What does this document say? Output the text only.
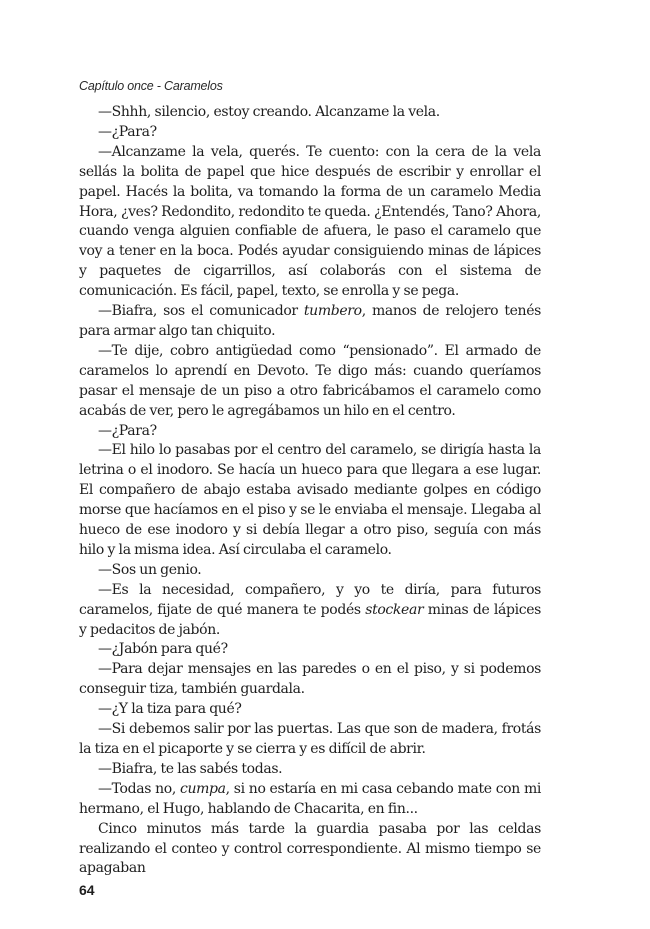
Capítulo once - Caramelos

—Shhh, silencio, estoy creando. Alcanzame la vela.

—¿Para?

—Alcanzame la vela, querés. Te cuento: con la cera de la vela sellás la bolita de papel que hice después de escribir y enrollar el papel. Hacés la bolita, va tomando la forma de un caramelo Media Hora, ¿ves? Redondito, redondito te queda. ¿Entendés, Tano? Ahora, cuando venga alguien confiable de afuera, le paso el caramelo que voy a tener en la boca. Podés ayudar consiguiendo minas de lápices y paquetes de cigarrillos, así colaborás con el sistema de comunicación. Es fácil, papel, texto, se enrolla y se pega.

—Biafra, sos el comunicador tumbero, manos de relojero tenés para armar algo tan chiquito.

—Te dije, cobro antigüedad como “pensionado”. El armado de caramelos lo aprendí en Devoto. Te digo más: cuando queríamos pasar el mensaje de un piso a otro fabricábamos el caramelo como acabás de ver, pero le agregábamos un hilo en el centro.

—¿Para?

—El hilo lo pasabas por el centro del caramelo, se dirigía hasta la letrina o el inodoro. Se hacía un hueco para que llegara a ese lugar. El compañero de abajo estaba avisado mediante golpes en código morse que hacíamos en el piso y se le enviaba el mensaje. Llegaba al hueco de ese inodoro y si debía llegar a otro piso, seguía con más hilo y la misma idea. Así circulaba el caramelo.

—Sos un genio.

—Es la necesidad, compañero, y yo te diría, para futuros caramelos, fijate de qué manera te podés stockear minas de lápices y pedacitos de jabón.

—¿Jabón para qué?

—Para dejar mensajes en las paredes o en el piso, y si podemos conseguir tiza, también guardala.

—¿Y la tiza para qué?

—Si debemos salir por las puertas. Las que son de madera, frotás la tiza en el picaporte y se cierra y es difícil de abrir.

—Biafra, te las sabés todas.

—Todas no, cumpa, si no estaría en mi casa cebando mate con mi hermano, el Hugo, hablando de Chacarita, en fin...

Cinco minutos más tarde la guardia pasaba por las celdas realizando el conteo y control correspondiente. Al mismo tiempo se apagaban

64
